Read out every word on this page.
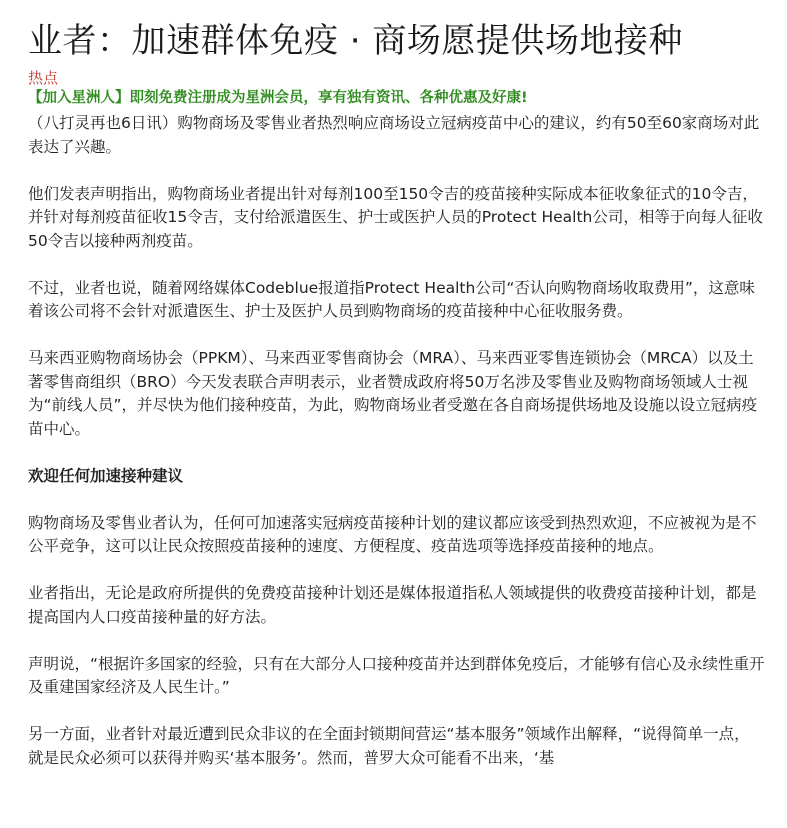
业者：加速群体免疫 · 商场愿提供场地接种
热点
【加入星洲人】即刻免费注册成为星洲会员，享有独有资讯、各种优惠及好康!

（八打灵再也6日讯）购物商场及零售业者热烈响应商场设立冠病疫苗中心的建议，约有50至60家商场对此表达了兴趣。

他们发表声明指出，购物商场业者提出针对每剂100至150令吉的疫苗接种实际成本征收象征式的10令吉，并针对每剂疫苗征收15令吉，支付给派遣医生、护士或医护人员的Protect Health公司，相等于向每人征收50令吉以接种两剂疫苗。

不过，业者也说，随着网络媒体Codeblue报道指Protect Health公司“否认向购物商场收取费用”，这意味着该公司将不会针对派遣医生、护士及医护人员到购物商场的疫苗接种中心征收服务费。

马来西亚购物商场协会（PPKM）、马来西亚零售商协会（MRA）、马来西亚零售连锁协会（MRCA）以及土著零售商组织（BRO）今天发表联合声明表示，业者赞成政府将50万名涉及零售业及购物商场领域人士视为“前线人员”，并尽快为他们接种疫苗，为此，购物商场业者受邀在各自商场提供场地及设施以设立冠病疫苗中心。

欢迎任何加速接种建议

购物商场及零售业者认为，任何可加速落实冠病疫苗接种计划的建议都应该受到热烈欢迎，不应被视为是不公平竞争，这可以让民众按照疫苗接种的速度、方便程度、疫苗选项等选择疫苗接种的地点。

业者指出，无论是政府所提供的免费疫苗接种计划还是媒体报道指私人领域提供的收费疫苗接种计划，都是提高国内人口疫苗接种量的好方法。

声明说，“根据许多国家的经验，只有在大部分人口接种疫苗并达到群体免疫后，才能够有信心及永续性重开及重建国家经济及人民生计。”

另一方面，业者针对最近遭到民众非议的在全面封锁期间营运“基本服务”领域作出解释，“说得简单一点，就是民众必须可以获得并购买‘基本服务’。然而，普罗大众可能看不出来，‘基
